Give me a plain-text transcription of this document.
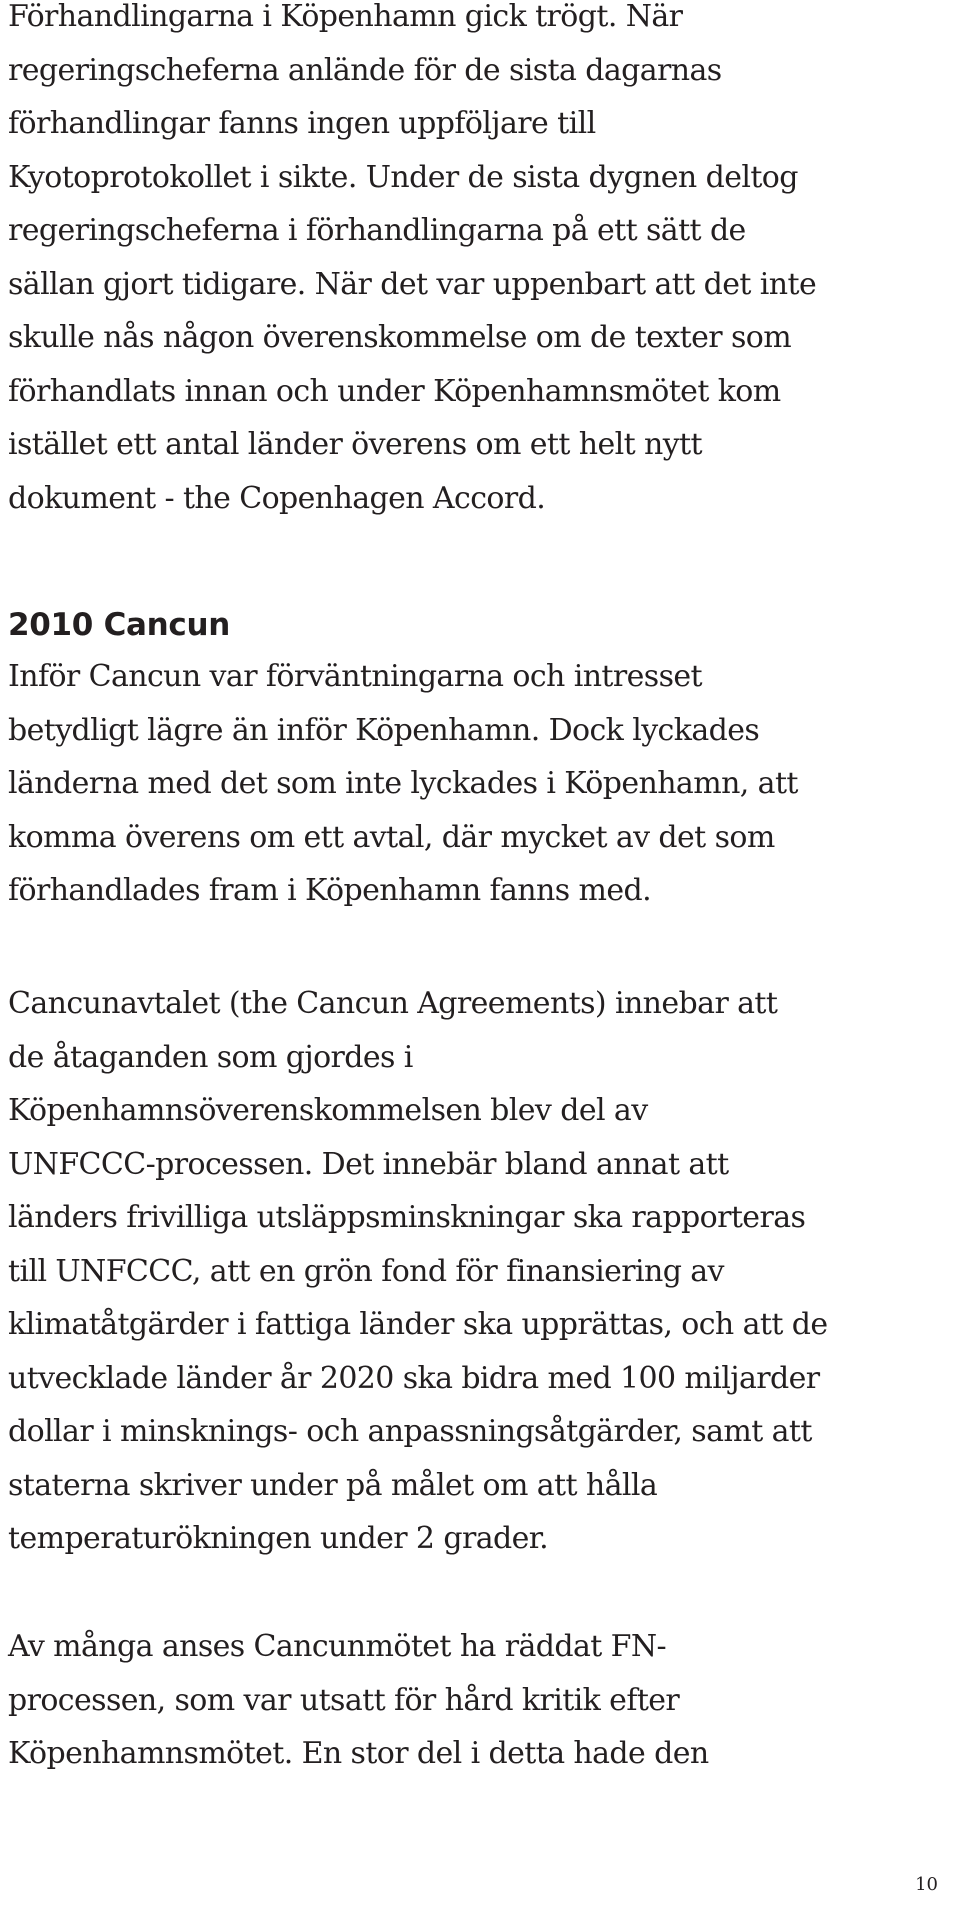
Förhandlingarna i Köpenhamn gick trögt. När
regeringscheferna anlände för de sista dagarnas
förhandlingar fanns ingen uppföljare till
Kyotoprotokollet i sikte. Under de sista dygnen deltog
regeringscheferna i förhandlingarna på ett sätt de
sällan gjort tidigare. När det var uppenbart att det inte
skulle nås någon överenskommelse om de texter som
förhandlats innan och under Köpenhamnsmötet kom
istället ett antal länder överens om ett helt nytt
dokument - the Copenhagen Accord.

2010 Cancun

Inför Cancun var förväntningarna och intresset
betydligt lägre än inför Köpenhamn. Dock lyckades
länderna med det som inte lyckades i Köpenhamn, att
komma överens om ett avtal, där mycket av det som
förhandlades fram i Köpenhamn fanns med.

Cancunavtalet (the Cancun Agreements) innebar att
de åtaganden som gjordes i
Köpenhamnsöverenskommelsen blev del av
UNFCCC-processen. Det innebär bland annat att
länders frivilliga utsläppsminskningar ska rapporteras
till UNFCCC, att en grön fond för finansiering av
klimatåtgärder i fattiga länder ska upprättas, och att de
utvecklade länder år 2020 ska bidra med 100 miljarder
dollar i minsknings- och anpassningsåtgärder, samt att
staterna skriver under på målet om att hålla
temperaturökningen under 2 grader.

Av många anses Cancunmötet ha räddat FN-
processen, som var utsatt för hård kritik efter
Köpenhamnsmötet. En stor del i detta hade den

10
